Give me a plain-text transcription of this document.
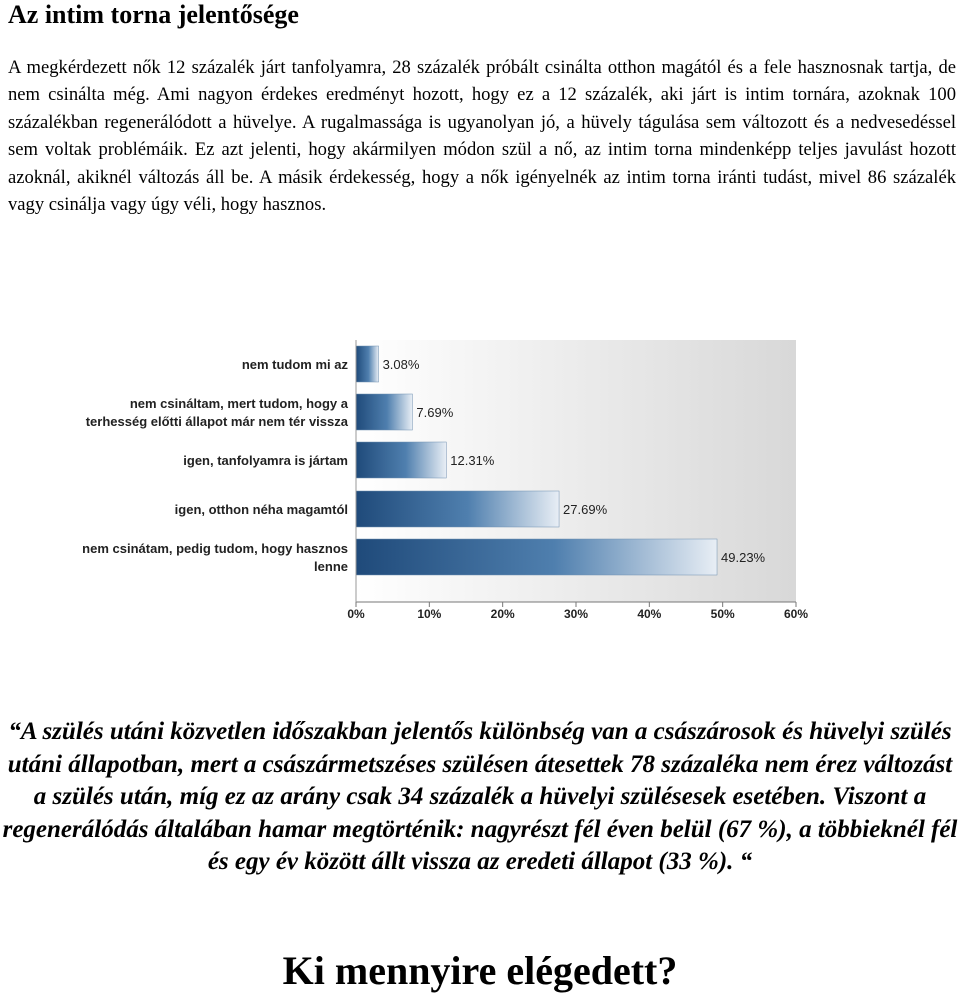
Az intim torna jelentősége

A megkérdezett nők 12 százalék járt tanfolyamra, 28 százalék próbált csinálta otthon magától és a fele hasznosnak tartja, de nem csinálta még. Ami nagyon érdekes eredményt hozott, hogy ez a 12 százalék, aki járt is intim tornára, azoknak 100 százalékban regenerálódott a hüvelye. A rugalmassága is ugyanolyan jó, a hüvely tágulása sem változott és a nedvesedéssel sem voltak problémáik. Ez azt jelenti, hogy akármilyen módon szül a nő, az intim torna mindenképp teljes javulást hozott azoknál, akiknél változás áll be. A másik érdekesség, hogy a nők igényelnék az intim torna iránti tudást, mivel 86 százalék vagy csinálja vagy úgy véli, hogy hasznos.

3.08%
nem tudom mi az
7.69%
nem csináltam, mert tudom, hogy a
terhesség előtti állapot már nem tér vissza
12.31%
igen, tanfolyamra is jártam
27.69%
igen, otthon néha magamtól
49.23%
nem csinátam, pedig tudom, hogy hasznos
lenne
0%	10%	20%	30%	40%	50%	60%

“A szülés utáni közvetlen időszakban jelentős különbség van a császárosok és hüvelyi szülés utáni állapotban, mert a császármetszéses szülésen átesettek 78 százaléka nem érez változást a szülés után, míg ez az arány csak 34 százalék a hüvelyi szülésesek esetében. Viszont a regenerálódás általában hamar megtörténik: nagyrészt fél éven belül (67 %), a többieknél fél és egy év között állt vissza az eredeti állapot (33 %). “

Ki mennyire elégedett?
